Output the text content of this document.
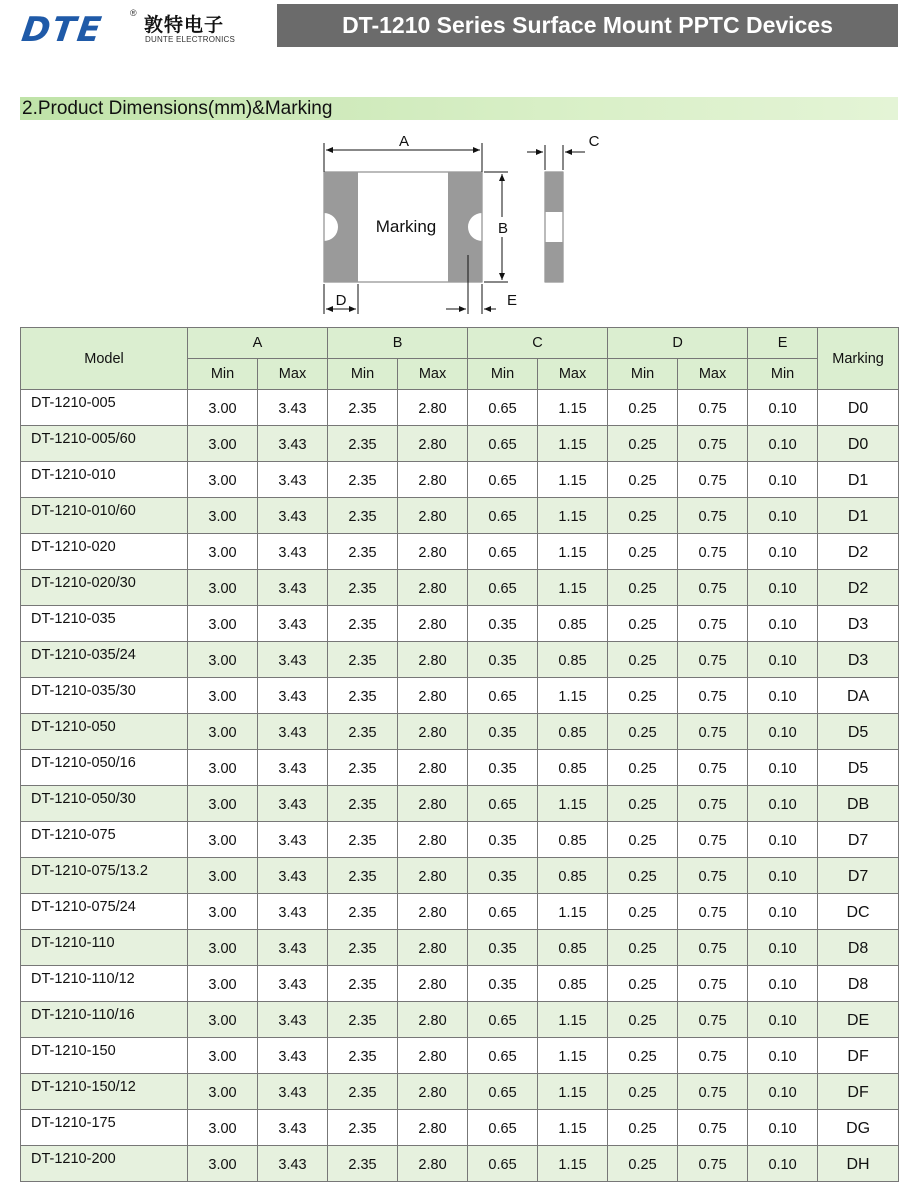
DTE	®
敦特电子
DUNTE ELECTRONICS
DT-1210 Series Surface Mount PPTC Devices
2.Product Dimensions(mm)&Marking
Marking
A
B
D	E
C
Model	A		B		C		D		E	Marking
	Min	Max	Min	Max	Min	Max	Min	Max	Min	
DT-1210-005	3.00	3.43	2.35	2.80	0.65	1.15	0.25	0.75	0.10	D0
DT-1210-005/60	3.00	3.43	2.35	2.80	0.65	1.15	0.25	0.75	0.10	D0
DT-1210-010	3.00	3.43	2.35	2.80	0.65	1.15	0.25	0.75	0.10	D1
DT-1210-010/60	3.00	3.43	2.35	2.80	0.65	1.15	0.25	0.75	0.10	D1
DT-1210-020	3.00	3.43	2.35	2.80	0.65	1.15	0.25	0.75	0.10	D2
DT-1210-020/30	3.00	3.43	2.35	2.80	0.65	1.15	0.25	0.75	0.10	D2
DT-1210-035	3.00	3.43	2.35	2.80	0.35	0.85	0.25	0.75	0.10	D3
DT-1210-035/24	3.00	3.43	2.35	2.80	0.35	0.85	0.25	0.75	0.10	D3
DT-1210-035/30	3.00	3.43	2.35	2.80	0.65	1.15	0.25	0.75	0.10	DA
DT-1210-050	3.00	3.43	2.35	2.80	0.35	0.85	0.25	0.75	0.10	D5
DT-1210-050/16	3.00	3.43	2.35	2.80	0.35	0.85	0.25	0.75	0.10	D5
DT-1210-050/30	3.00	3.43	2.35	2.80	0.65	1.15	0.25	0.75	0.10	DB
DT-1210-075	3.00	3.43	2.35	2.80	0.35	0.85	0.25	0.75	0.10	D7
DT-1210-075/13.2	3.00	3.43	2.35	2.80	0.35	0.85	0.25	0.75	0.10	D7
DT-1210-075/24	3.00	3.43	2.35	2.80	0.65	1.15	0.25	0.75	0.10	DC
DT-1210-110	3.00	3.43	2.35	2.80	0.35	0.85	0.25	0.75	0.10	D8
DT-1210-110/12	3.00	3.43	2.35	2.80	0.35	0.85	0.25	0.75	0.10	D8
DT-1210-110/16	3.00	3.43	2.35	2.80	0.65	1.15	0.25	0.75	0.10	DE
DT-1210-150	3.00	3.43	2.35	2.80	0.65	1.15	0.25	0.75	0.10	DF
DT-1210-150/12	3.00	3.43	2.35	2.80	0.65	1.15	0.25	0.75	0.10	DF
DT-1210-175	3.00	3.43	2.35	2.80	0.65	1.15	0.25	0.75	0.10	DG
DT-1210-200	3.00	3.43	2.35	2.80	0.65	1.15	0.25	0.75	0.10	DH
